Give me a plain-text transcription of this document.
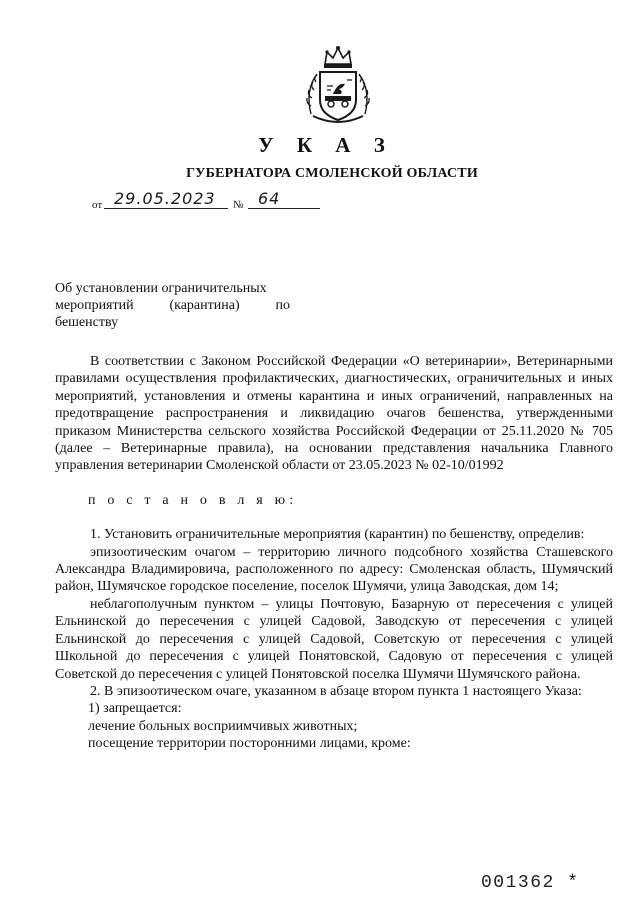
У К А З
ГУБЕРНАТОРА СМОЛЕНСКОЙ ОБЛАСТИ
от 29.05.2023 № 64

Об установлении ограничительных

мероприятий	(карантина)	по

бешенству

В соответствии с Законом Российской Федерации «О ветеринарии», Ветеринарными правилами осуществления профилактических, диагностических, ограничительных и иных мероприятий, установления и отмены карантина и иных ограничений, направленных на предотвращение распространения и ликвидацию очагов бешенства, утвержденными приказом Министерства сельского хозяйства Российской Федерации от 25.11.2020 № 705 (далее – Ветеринарные правила), на основании представления начальника Главного управления ветеринарии Смоленской области от 23.05.2023 № 02-10/01992

п о с т а н о в л я ю:

1. Установить ограничительные мероприятия (карантин) по бешенству, определив:

эпизоотическим очагом – территорию личного подсобного хозяйства Сташевского Александра Владимировича, расположенного по адресу: Смоленская область, Шумячский район, Шумячское городское поселение, поселок Шумячи, улица Заводская, дом 14;

неблагополучным пунктом – улицы Почтовую, Базарную от пересечения с улицей Ельнинской до пересечения с улицей Садовой, Заводскую от пересечения с улицей Ельнинской до пересечения с улицей Садовой, Советскую от пересечения с улицей Школьной до пересечения с улицей Понятовской, Садовую от пересечения с улицей Советской до пересечения с улицей Понятовской поселка Шумячи Шумячского района.

2. В эпизоотическом очаге, указанном в абзаце втором пункта 1 настоящего Указа:

1) запрещается:

лечение больных восприимчивых животных;

посещение территории посторонними лицами, кроме:

001362 *
